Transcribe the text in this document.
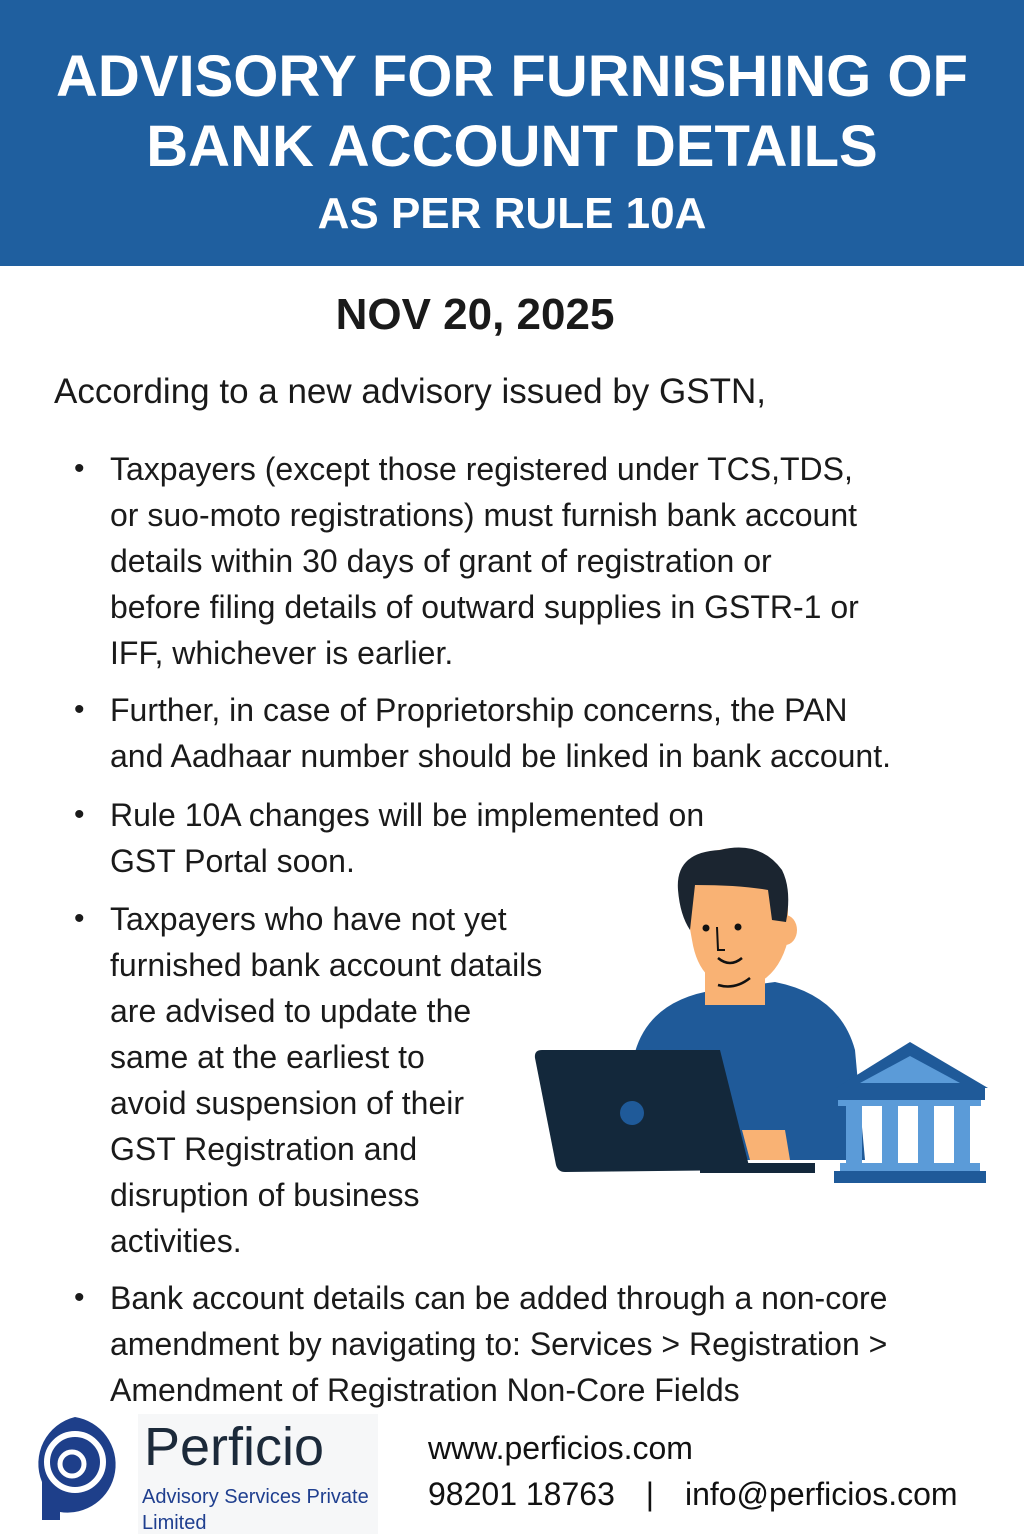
ADVISORY FOR FURNISHING OF
BANK ACCOUNT DETAILS
AS PER RULE 10A
NOV 20, 2025
According to a new advisory issued by GSTN,
• Taxpayers (except those registered under TCS,TDS,
or suo-moto registrations) must furnish bank account
details within 30 days of grant of registration or
before filing details of outward supplies in GSTR-1 or
IFF, whichever is earlier.
• Further, in case of Proprietorship concerns, the PAN
and Aadhaar number should be linked in bank account.
• Rule 10A changes will be implemented on
GST Portal soon.
• Taxpayers who have not yet
furnished bank account datails
are advised to update the
same at the earliest to
avoid suspension of their
GST Registration and
disruption of business
activities.
• Bank account details can be added through a non-core
amendment by navigating to: Services > Registration >
Amendment of Registration Non-Core Fields
Perficio
Advisory Services Private
Limited
www.perficios.com
98201 18763 | info@perficios.com
